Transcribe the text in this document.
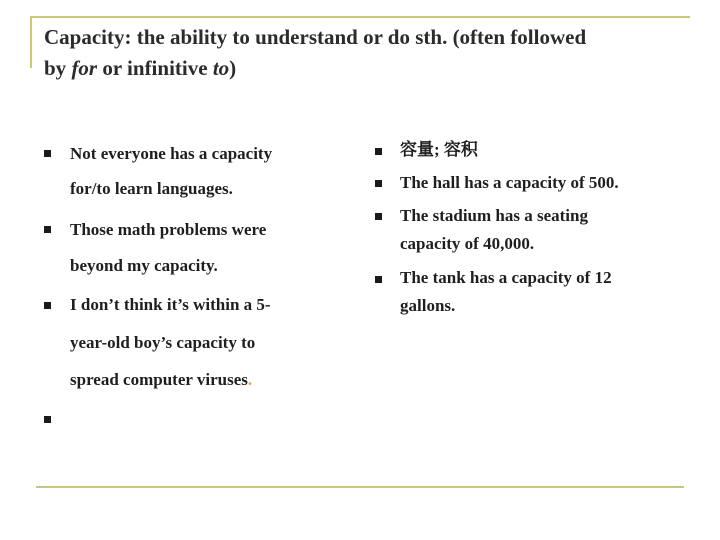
Capacity: the ability to understand or do sth. (often followed
by for or infinitive to)
Not everyone has a capacity
for/to learn languages.
Those math problems were
beyond my capacity.
I don’t think it’s within a 5-
year-old boy’s capacity to
spread computer viruses.
容量; 容积
The hall has a capacity of 500.
The stadium has a seating
capacity of 40,000.
The tank has a capacity of 12
gallons.
